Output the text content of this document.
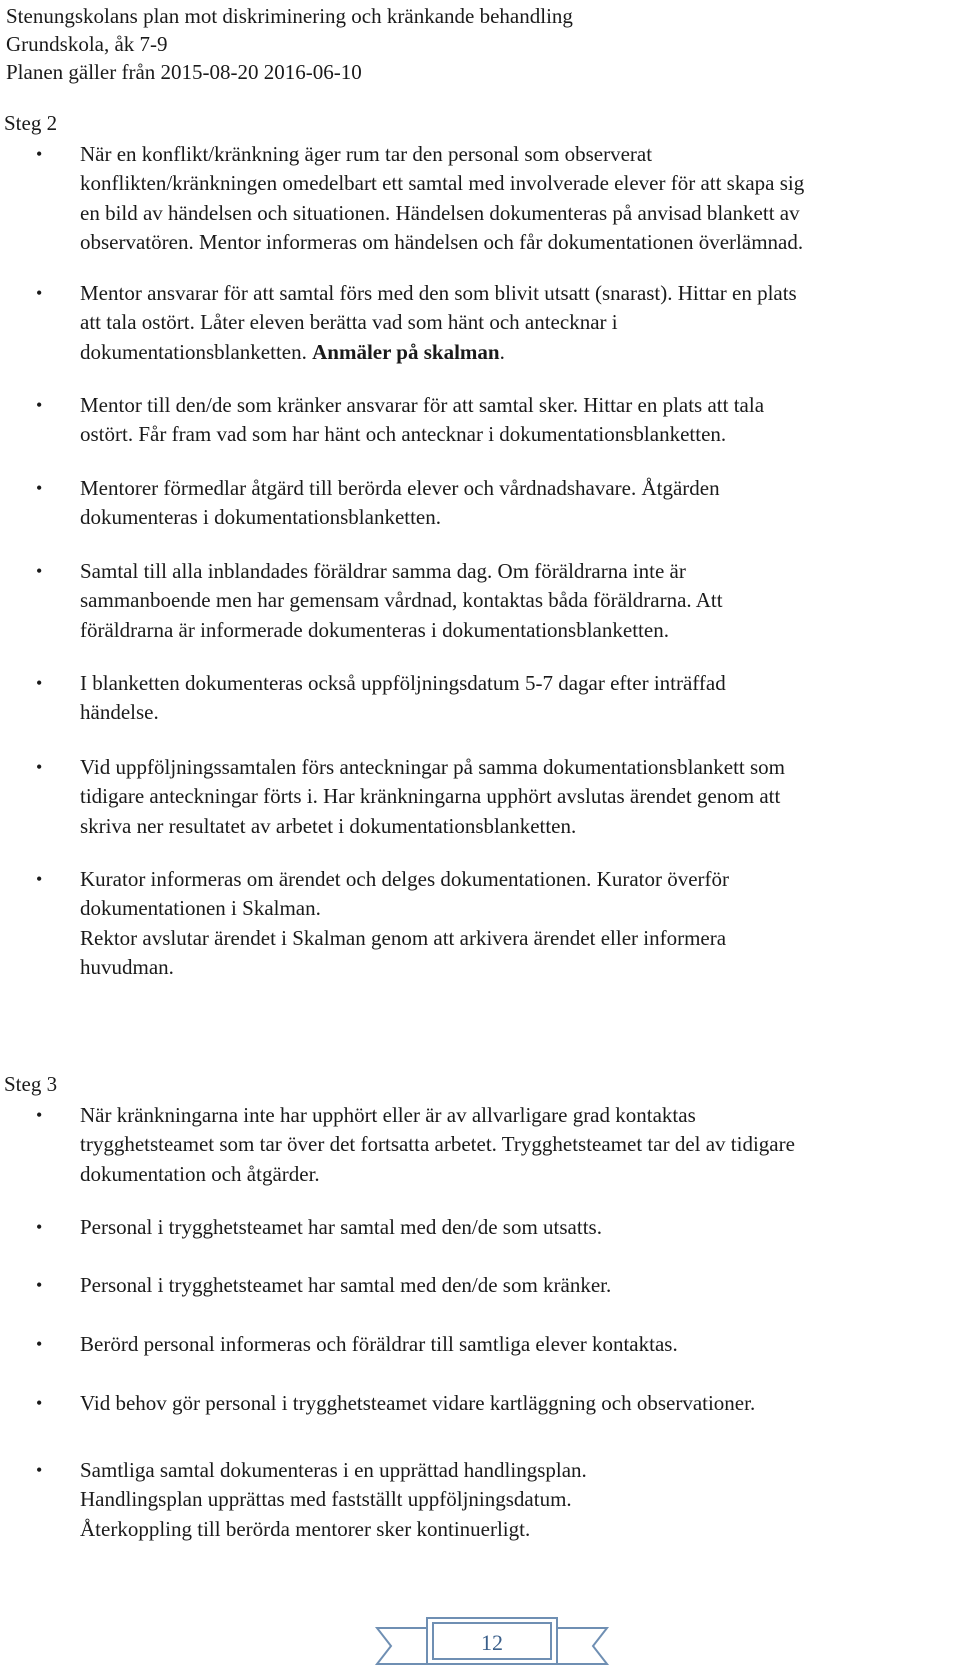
Stenungskolans plan mot diskriminering och kränkande behandling
Grundskola, åk 7-9
Planen gäller från 2015-08-20 2016-06-10
Steg 2
• När en konflikt/kränkning äger rum tar den personal som observerat
konflikten/kränkningen omedelbart ett samtal med involverade elever för att skapa sig
en bild av händelsen och situationen. Händelsen dokumenteras på anvisad blankett av
observatören. Mentor informeras om händelsen och får dokumentationen överlämnad.
• Mentor ansvarar för att samtal förs med den som blivit utsatt (snarast). Hittar en plats
att tala ostört. Låter eleven berätta vad som hänt och antecknar i
dokumentationsblanketten. Anmäler på skalman.
• Mentor till den/de som kränker ansvarar för att samtal sker. Hittar en plats att tala
ostört. Får fram vad som har hänt och antecknar i dokumentationsblanketten.
• Mentorer förmedlar åtgärd till berörda elever och vårdnadshavare. Åtgärden
dokumenteras i dokumentationsblanketten.
• Samtal till alla inblandades föräldrar samma dag. Om föräldrarna inte är
sammanboende men har gemensam vårdnad, kontaktas båda föräldrarna. Att
föräldrarna är informerade dokumenteras i dokumentationsblanketten.
• I blanketten dokumenteras också uppföljningsdatum 5-7 dagar efter inträffad
händelse.
• Vid uppföljningssamtalen förs anteckningar på samma dokumentationsblankett som
tidigare anteckningar förts i. Har kränkningarna upphört avslutas ärendet genom att
skriva ner resultatet av arbetet i dokumentationsblanketten.
• Kurator informeras om ärendet och delges dokumentationen. Kurator överför
dokumentationen i Skalman.
Rektor avslutar ärendet i Skalman genom att arkivera ärendet eller informera
huvudman.
Steg 3
• När kränkningarna inte har upphört eller är av allvarligare grad kontaktas
trygghetsteamet som tar över det fortsatta arbetet. Trygghetsteamet tar del av tidigare
dokumentation och åtgärder.
• Personal i trygghetsteamet har samtal med den/de som utsatts.
• Personal i trygghetsteamet har samtal med den/de som kränker.
• Berörd personal informeras och föräldrar till samtliga elever kontaktas.
• Vid behov gör personal i trygghetsteamet vidare kartläggning och observationer.
• Samtliga samtal dokumenteras i en upprättad handlingsplan.
Handlingsplan upprättas med fastställt uppföljningsdatum.
Återkoppling till berörda mentorer sker kontinuerligt.
12
